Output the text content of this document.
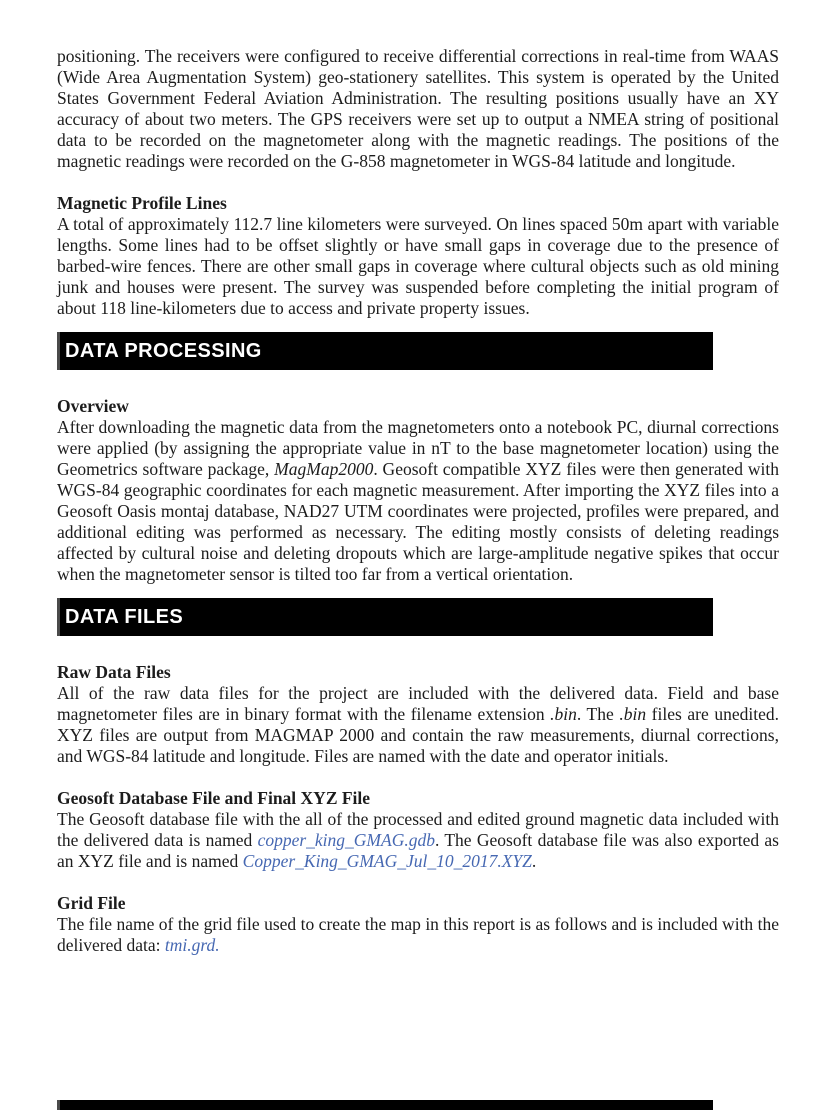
positioning. The receivers were configured to receive differential corrections in real-time from WAAS (Wide Area Augmentation System) geo-stationery satellites. This system is operated by the United States Government Federal Aviation Administration. The resulting positions usually have an XY accuracy of about two meters. The GPS receivers were set up to output a NMEA string of positional data to be recorded on the magnetometer along with the magnetic readings. The positions of the magnetic readings were recorded on the G-858 magnetometer in WGS-84 latitude and longitude.

Magnetic Profile Lines

A total of approximately 112.7 line kilometers were surveyed. On lines spaced 50m apart with variable lengths. Some lines had to be offset slightly or have small gaps in coverage due to the presence of barbed-wire fences. There are other small gaps in coverage where cultural objects such as old mining junk and houses were present. The survey was suspended before completing the initial program of about 118 line-kilometers due to access and private property issues.

DATA PROCESSING
Overview

After downloading the magnetic data from the magnetometers onto a notebook PC, diurnal corrections were applied (by assigning the appropriate value in nT to the base magnetometer location) using the Geometrics software package, MagMap2000. Geosoft compatible XYZ files were then generated with WGS-84 geographic coordinates for each magnetic measurement. After importing the XYZ files into a Geosoft Oasis montaj database, NAD27 UTM coordinates were projected, profiles were prepared, and additional editing was performed as necessary. The editing mostly consists of deleting readings affected by cultural noise and deleting dropouts which are large-amplitude negative spikes that occur when the magnetometer sensor is tilted too far from a vertical orientation.

DATA FILES
Raw Data Files

All of the raw data files for the project are included with the delivered data. Field and base magnetometer files are in binary format with the filename extension .bin. The .bin files are unedited. XYZ files are output from MAGMAP 2000 and contain the raw measurements, diurnal corrections, and WGS-84 latitude and longitude. Files are named with the date and operator initials.

Geosoft Database File and Final XYZ File

The Geosoft database file with the all of the processed and edited ground magnetic data included with the delivered data is named copper_king_GMAG.gdb. The Geosoft database file was also exported as an XYZ file and is named Copper_King_GMAG_Jul_10_2017.XYZ.

Grid File

The file name of the grid file used to create the map in this report is as follows and is included with the delivered data: tmi.grd.
